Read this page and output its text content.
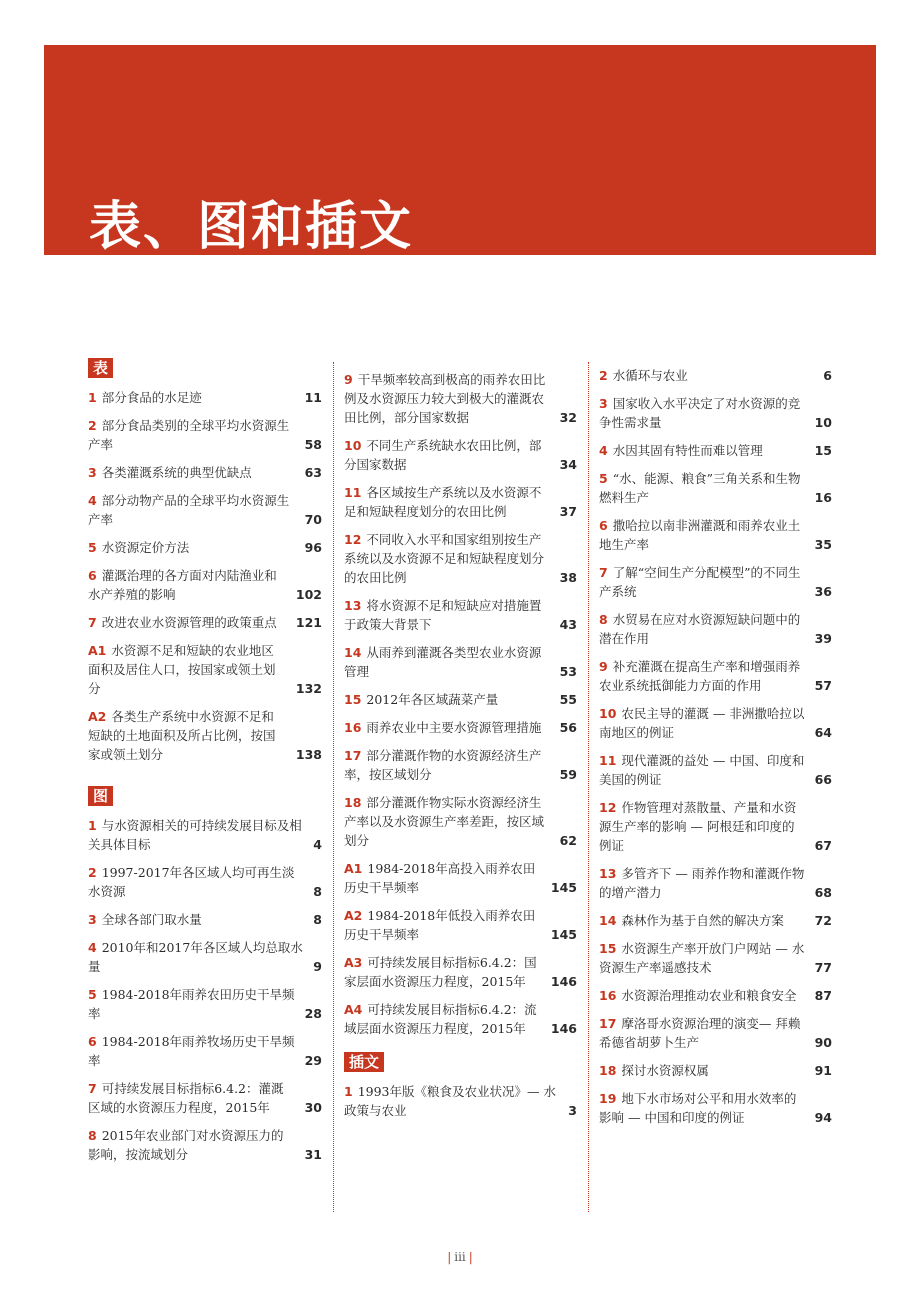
表、图和插文
表
1 部分食品的水足迹	11
2 部分食品类别的全球平均水资源生产率	58
3 各类灌溉系统的典型优缺点	63
4 部分动物产品的全球平均水资源生产率	70
5 水资源定价方法	96
6 灌溉治理的各方面对内陆渔业和水产养殖的影响	102
7 改进农业水资源管理的政策重点	121
A1 水资源不足和短缺的农业地区面积及居住人口，按国家或领土划分	132
A2 各类生产系统中水资源不足和短缺的土地面积及所占比例，按国家或领土划分	138
图
1 与水资源相关的可持续发展目标及相关具体目标	4
2 1997-2017年各区域人均可再生淡水资源	8
3 全球各部门取水量	8
4 2010年和2017年各区域人均总取水量	9
5 1984-2018年雨养农田历史干旱频率	28
6 1984-2018年雨养牧场历史干旱频率	29
7 可持续发展目标指标6.4.2：灌溉区域的水资源压力程度，2015年	30
8 2015年农业部门对水资源压力的影响，按流域划分	31
9 干旱频率较高到极高的雨养农田比例及水资源压力较大到极大的灌溉农田比例，部分国家数据	32
10 不同生产系统缺水农田比例，部分国家数据	34
11 各区域按生产系统以及水资源不足和短缺程度划分的农田比例	37
12 不同收入水平和国家组别按生产系统以及水资源不足和短缺程度划分的农田比例	38
13 将水资源不足和短缺应对措施置于政策大背景下	43
14 从雨养到灌溉各类型农业水资源管理	53
15 2012年各区域蔬菜产量	55
16 雨养农业中主要水资源管理措施	56
17 部分灌溉作物的水资源经济生产率，按区域划分	59
18 部分灌溉作物实际水资源经济生产率以及水资源生产率差距，按区域划分	62
A1 1984-2018年高投入雨养农田历史干旱频率	145
A2 1984-2018年低投入雨养农田历史干旱频率	145
A3 可持续发展目标指标6.4.2：国家层面水资源压力程度，2015年	146
A4 可持续发展目标指标6.4.2：流域层面水资源压力程度，2015年	146
插文
1 1993年版《粮食及农业状况》— 水政策与农业	3
2 水循环与农业	6
3 国家收入水平决定了对水资源的竞争性需求量	10
4 水因其固有特性而难以管理	15
5 “水、能源、粮食”三角关系和生物燃料生产	16
6 撒哈拉以南非洲灌溉和雨养农业土地生产率	35
7 了解“空间生产分配模型”的不同生产系统	36
8 水贸易在应对水资源短缺问题中的潜在作用	39
9 补充灌溉在提高生产率和增强雨养农业系统抵御能力方面的作用	57
10 农民主导的灌溉 — 非洲撒哈拉以南地区的例证	64
11 现代灌溉的益处 — 中国、印度和美国的例证	66
12 作物管理对蒸散量、产量和水资源生产率的影响 — 阿根廷和印度的例证	67
13 多管齐下 — 雨养作物和灌溉作物的增产潜力	68
14 森林作为基于自然的解决方案	72
15 水资源生产率开放门户网站 — 水资源生产率遥感技术	77
16 水资源治理推动农业和粮食安全	87
17 摩洛哥水资源治理的演变— 拜赖希德省胡萝卜生产	90
18 探讨水资源权属	91
19 地下水市场对公平和用水效率的影响 — 中国和印度的例证	94
| iii |
